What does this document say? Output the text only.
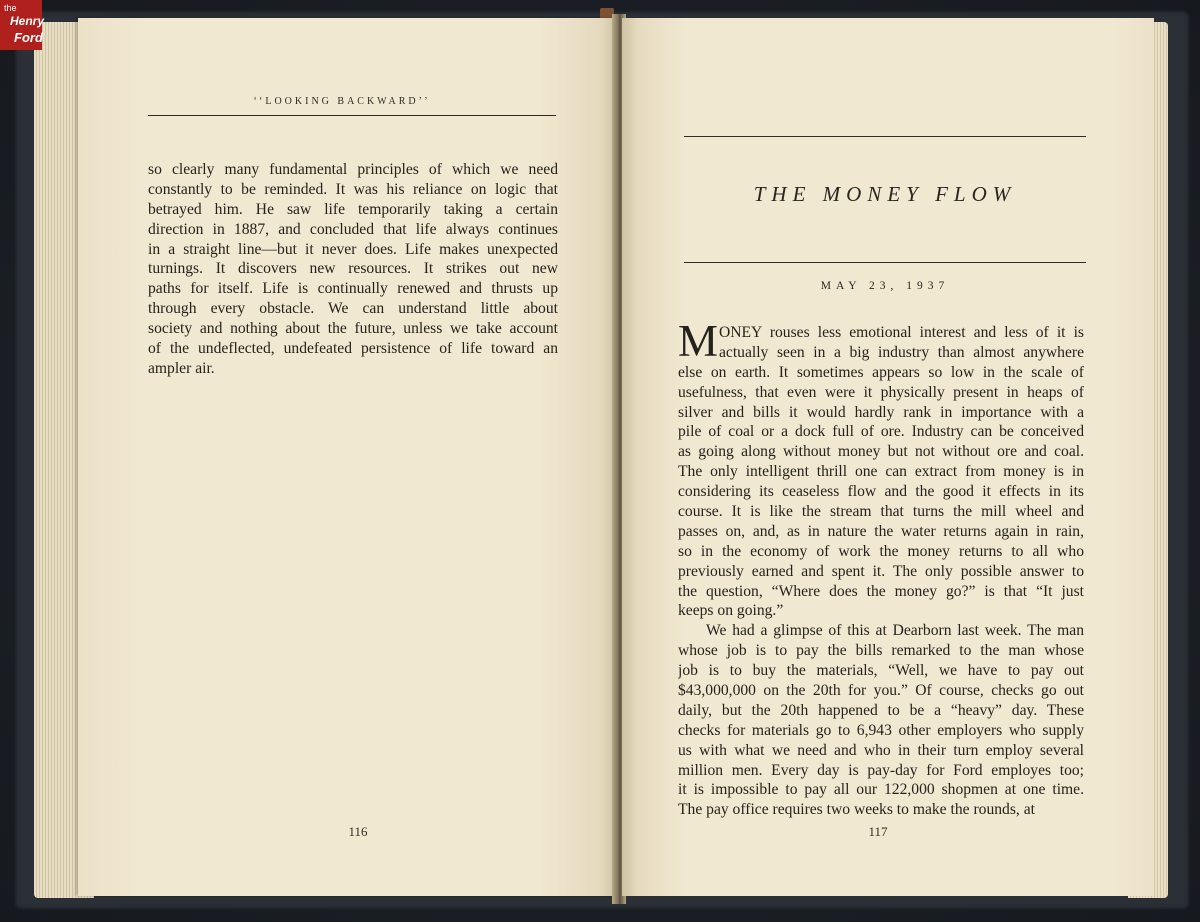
‘‘LOOKING BACKWARD’’
so clearly many fundamental principles of which we need
constantly to be reminded. It was his reliance on logic that
betrayed him. He saw life temporarily taking a certain
direction in 1887, and concluded that life always continues
in a straight line—but it never does. Life makes unexpected
turnings. It discovers new resources. It strikes out new
paths for itself. Life is continually renewed and thrusts up
through every obstacle. We can understand little about
society and nothing about the future, unless we take account
of the undeflected, undefeated persistence of life toward an
ampler air.
116
THE MONEY FLOW
MAY 23, 1937
M ONEY rouses less emotional interest and less of it is
actually seen in a big industry than almost anywhere
else on earth. It sometimes appears so low in the scale of
usefulness, that even were it physically present in heaps of
silver and bills it would hardly rank in importance with a
pile of coal or a dock full of ore. Industry can be conceived
as going along without money but not without ore and coal.
The only intelligent thrill one can extract from money is in
considering its ceaseless flow and the good it effects in its
course. It is like the stream that turns the mill wheel and
passes on, and, as in nature the water returns again in rain,
so in the economy of work the money returns to all who
previously earned and spent it. The only possible answer to
the question, “Where does the money go?” is that “It just
keeps on going.”
We had a glimpse of this at Dearborn last week. The man
whose job is to pay the bills remarked to the man whose
job is to buy the materials, “Well, we have to pay out
$43,000,000 on the 20th for you.” Of course, checks go out
daily, but the 20th happened to be a “heavy” day. These
checks for materials go to 6,943 other employers who supply
us with what we need and who in their turn employ several
million men. Every day is pay-day for Ford employes too;
it is impossible to pay all our 122,000 shopmen at one time.
The pay office requires two weeks to make the rounds, at
117
the
Henry
Ford
